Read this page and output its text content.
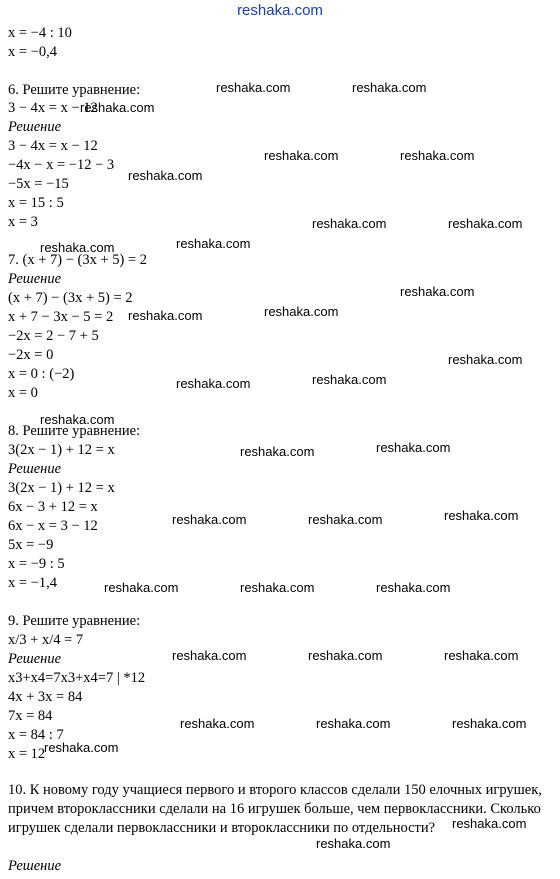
reshaka.com
x = −4 : 10
x = −0,4
6. Решите уравнение:
3 − 4x = x − 12
Решение
3 − 4x = x − 12
−4x − x = −12 − 3
−5x = −15
x = 15 : 5
x = 3
7. (x + 7) − (3x + 5) = 2
Решение
(x + 7) − (3x + 5) = 2
x + 7 − 3x − 5 = 2
−2x = 2 − 7 + 5
−2x = 0
x = 0 : (−2)
x = 0
8. Решите уравнение:
3(2x − 1) + 12 = x
Решение
3(2x − 1) + 12 = x
6x − 3 + 12 = x
6x − x = 3 − 12
5x = −9
x = −9 : 5
x = −1,4
9. Решите уравнение:
x/3 + x/4 = 7
Решение
x3+x4=7x3+x4=7 | *12
4x + 3x = 84
7x = 84
x = 84 : 7
x = 12
10. К новому году учащиеся первого и второго классов сделали 150 елочных игрушек, причем второклассники сделали на 16 игрушек больше, чем первоклассники. Сколько игрушек сделали первоклассники и второклассники по отдельности?
Решение
reshaka.com	reshaka.com
reshaka.com
reshaka.com	reshaka.com
reshaka.com
reshaka.com	reshaka.com
reshaka.com	reshaka.com
reshaka.com
reshaka.com	reshaka.com
reshaka.com
reshaka.com
reshaka.com
reshaka.com
reshaka.com
reshaka.com
reshaka.com	reshaka.com	reshaka.com
reshaka.com	reshaka.com	reshaka.com
reshaka.com	reshaka.com	reshaka.com
reshaka.com	reshaka.com	reshaka.com
reshaka.com
reshaka.com
reshaka.com
